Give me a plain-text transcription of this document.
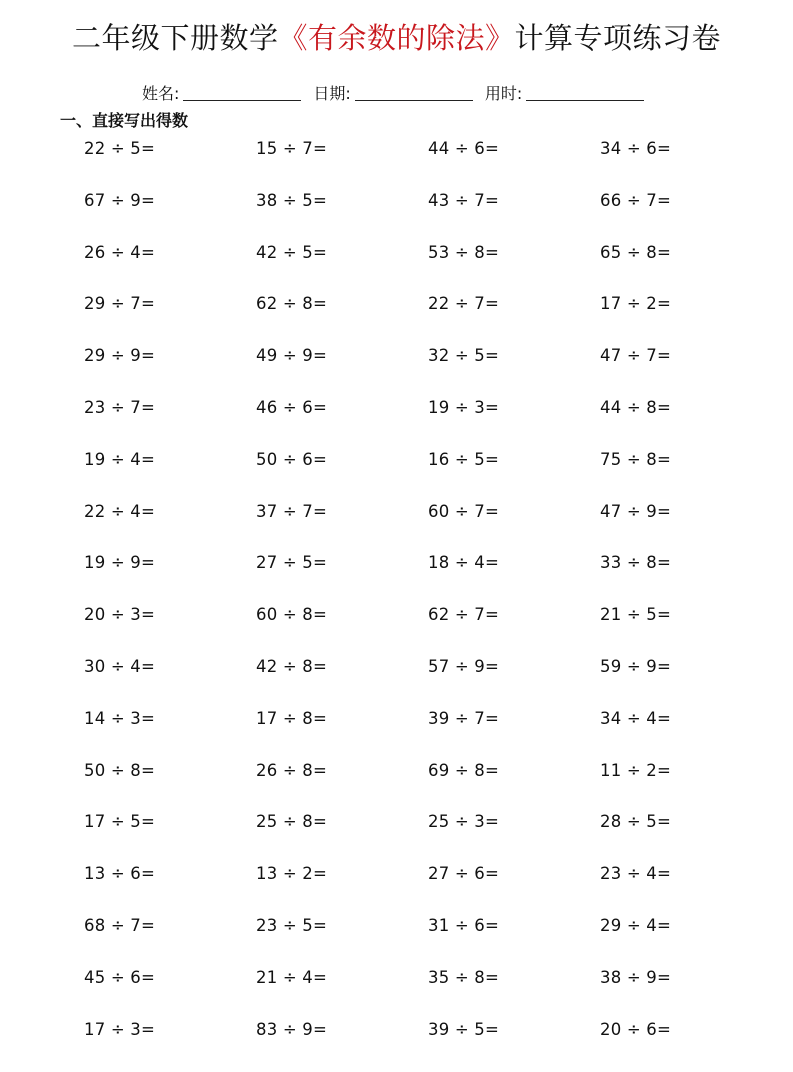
二年级下册数学《有余数的除法》计算专项练习卷
姓名:	日期:	用时:
一、直接写出得数
22 ÷ 5=	15 ÷ 7=	44 ÷ 6=	34 ÷ 6=
67 ÷ 9=	38 ÷ 5=	43 ÷ 7=	66 ÷ 7=
26 ÷ 4=	42 ÷ 5=	53 ÷ 8=	65 ÷ 8=
29 ÷ 7=	62 ÷ 8=	22 ÷ 7=	17 ÷ 2=
29 ÷ 9=	49 ÷ 9=	32 ÷ 5=	47 ÷ 7=
23 ÷ 7=	46 ÷ 6=	19 ÷ 3=	44 ÷ 8=
19 ÷ 4=	50 ÷ 6=	16 ÷ 5=	75 ÷ 8=
22 ÷ 4=	37 ÷ 7=	60 ÷ 7=	47 ÷ 9=
19 ÷ 9=	27 ÷ 5=	18 ÷ 4=	33 ÷ 8=
20 ÷ 3=	60 ÷ 8=	62 ÷ 7=	21 ÷ 5=
30 ÷ 4=	42 ÷ 8=	57 ÷ 9=	59 ÷ 9=
14 ÷ 3=	17 ÷ 8=	39 ÷ 7=	34 ÷ 4=
50 ÷ 8=	26 ÷ 8=	69 ÷ 8=	11 ÷ 2=
17 ÷ 5=	25 ÷ 8=	25 ÷ 3=	28 ÷ 5=
13 ÷ 6=	13 ÷ 2=	27 ÷ 6=	23 ÷ 4=
68 ÷ 7=	23 ÷ 5=	31 ÷ 6=	29 ÷ 4=
45 ÷ 6=	21 ÷ 4=	35 ÷ 8=	38 ÷ 9=
17 ÷ 3=	83 ÷ 9=	39 ÷ 5=	20 ÷ 6=
